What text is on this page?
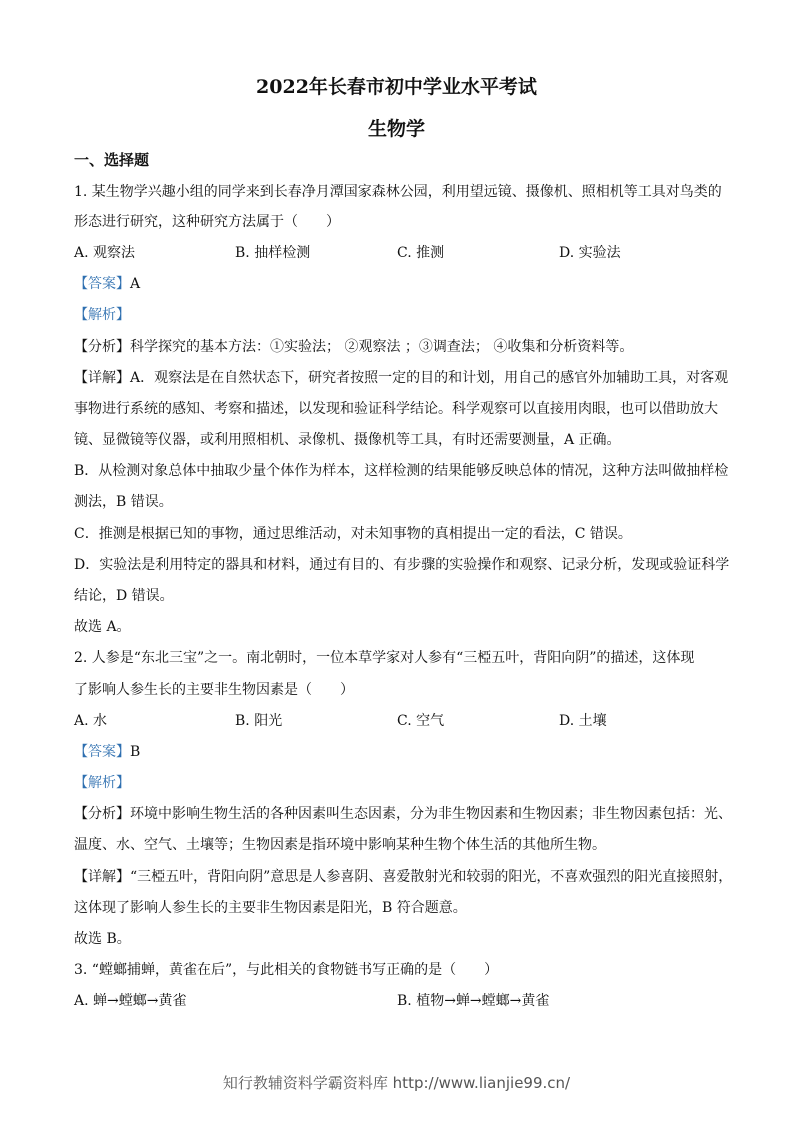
2022年长春市初中学业水平考试
生物学
一、选择题
1. 某生物学兴趣小组的同学来到长春净月潭国家森林公园，利用望远镜、摄像机、照相机等工具对鸟类的
形态进行研究，这种研究方法属于（　　）
A. 观察法	B. 抽样检测	C. 推测	D. 实验法
【答案】A
【解析】
【分析】科学探究的基本方法：①实验法； ②观察法 ；③调查法； ④收集和分析资料等。
【详解】A．观察法是在自然状态下，研究者按照一定的目的和计划，用自己的感官外加辅助工具，对客观
事物进行系统的感知、考察和描述，以发现和验证科学结论。科学观察可以直接用肉眼，也可以借助放大
镜、显微镜等仪器，或利用照相机、录像机、摄像机等工具，有时还需要测量，A 正确。
B．从检测对象总体中抽取少量个体作为样本，这样检测的结果能够反映总体的情况，这种方法叫做抽样检
测法，B 错误。
C．推测是根据已知的事物，通过思维活动，对未知事物的真相提出一定的看法，C 错误。
D．实验法是利用特定的器具和材料，通过有目的、有步骤的实验操作和观察、记录分析，发现或验证科学
结论，D 错误。
故选 A。
2. 人参是“东北三宝”之一。南北朝时，一位本草学家对人参有“三椏五叶，背阳向阴”的描述，这体现
了影响人参生长的主要非生物因素是（　　）
A. 水	B. 阳光	C. 空气	D. 土壤
【答案】B
【解析】
【分析】环境中影响生物生活的各种因素叫生态因素，分为非生物因素和生物因素；非生物因素包括：光、
温度、水、空气、土壤等；生物因素是指环境中影响某种生物个体生活的其他所生物。
【详解】“三椏五叶，背阳向阴”意思是人参喜阴、喜爱散射光和较弱的阳光，不喜欢强烈的阳光直接照射，
这体现了影响人参生长的主要非生物因素是阳光，B 符合题意。
故选 B。
3. “螳螂捕蝉，黄雀在后”，与此相关的食物链书写正确的是（　　）
A. 蝉→螳螂→黄雀	B. 植物→蝉→螳螂→黄雀
知行教辅资料学霸资料库 http://www.lianjie99.cn/
